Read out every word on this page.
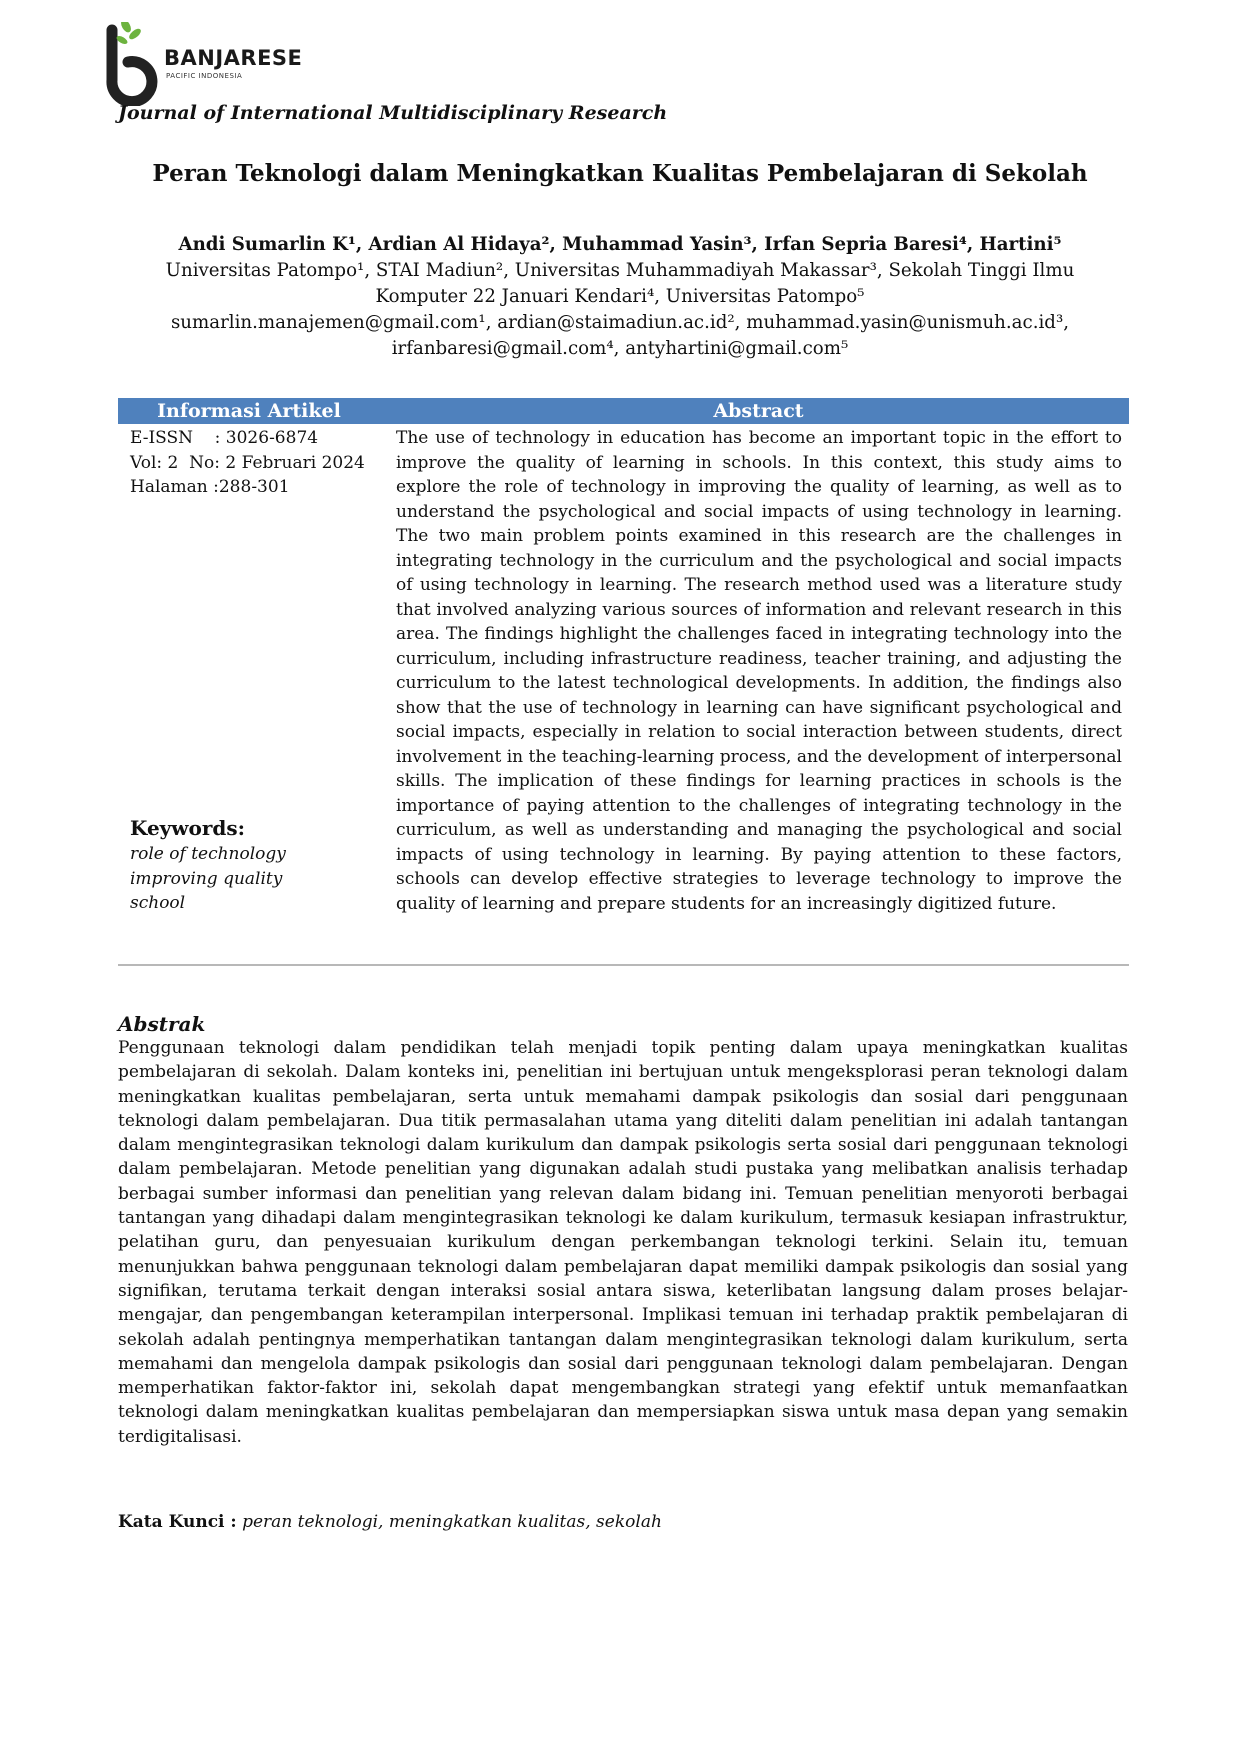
BANJARESE
PACIFIC INDONESIA
Journal of International Multidisciplinary Research
Peran Teknologi dalam Meningkatkan Kualitas Pembelajaran di Sekolah
Andi Sumarlin K¹, Ardian Al Hidaya², Muhammad Yasin³, Irfan Sepria Baresi⁴, Hartini⁵
Universitas Patompo¹, STAI Madiun², Universitas Muhammadiyah Makassar³, Sekolah Tinggi Ilmu
Komputer 22 Januari Kendari⁴, Universitas Patompo⁵
sumarlin.manajemen@gmail.com¹, ardian@staimadiun.ac.id², muhammad.yasin@unismuh.ac.id³,
irfanbaresi@gmail.com⁴, antyhartini@gmail.com⁵
Informasi Artikel	Abstract
E-ISSN    : 3026-6874
Vol: 2  No: 2 Februari 2024
Halaman :288-301
The use of technology in education has become an important topic in the effort to improve the quality of learning in schools. In this context, this study aims to explore the role of technology in improving the quality of learning, as well as to understand the psychological and social impacts of using technology in learning. The two main problem points examined in this research are the challenges in integrating technology in the curriculum and the psychological and social impacts of using technology in learning. The research method used was a literature study that involved analyzing various sources of information and relevant research in this area. The findings highlight the challenges faced in integrating technology into the curriculum, including infrastructure readiness, teacher training, and adjusting the curriculum to the latest technological developments. In addition, the findings also show that the use of technology in learning can have significant psychological and social impacts, especially in relation to social interaction between students, direct involvement in the teaching-learning process, and the development of interpersonal skills. The implication of these findings for learning practices in schools is the importance of paying attention to the challenges of integrating technology in the curriculum, as well as understanding and managing the psychological and social impacts of using technology in learning. By paying attention to these factors, schools can develop effective strategies to leverage technology to improve the quality of learning and prepare students for an increasingly digitized future.
Keywords:
role of technology
improving quality
school
Abstrak
Penggunaan teknologi dalam pendidikan telah menjadi topik penting dalam upaya meningkatkan kualitas pembelajaran di sekolah. Dalam konteks ini, penelitian ini bertujuan untuk mengeksplorasi peran teknologi dalam meningkatkan kualitas pembelajaran, serta untuk memahami dampak psikologis dan sosial dari penggunaan teknologi dalam pembelajaran. Dua titik permasalahan utama yang diteliti dalam penelitian ini adalah tantangan dalam mengintegrasikan teknologi dalam kurikulum dan dampak psikologis serta sosial dari penggunaan teknologi dalam pembelajaran. Metode penelitian yang digunakan adalah studi pustaka yang melibatkan analisis terhadap berbagai sumber informasi dan penelitian yang relevan dalam bidang ini. Temuan penelitian menyoroti berbagai tantangan yang dihadapi dalam mengintegrasikan teknologi ke dalam kurikulum, termasuk kesiapan infrastruktur, pelatihan guru, dan penyesuaian kurikulum dengan perkembangan teknologi terkini. Selain itu, temuan menunjukkan bahwa penggunaan teknologi dalam pembelajaran dapat memiliki dampak psikologis dan sosial yang signifikan, terutama terkait dengan interaksi sosial antara siswa, keterlibatan langsung dalam proses belajar-mengajar, dan pengembangan keterampilan interpersonal. Implikasi temuan ini terhadap praktik pembelajaran di sekolah adalah pentingnya memperhatikan tantangan dalam mengintegrasikan teknologi dalam kurikulum, serta memahami dan mengelola dampak psikologis dan sosial dari penggunaan teknologi dalam pembelajaran. Dengan memperhatikan faktor-faktor ini, sekolah dapat mengembangkan strategi yang efektif untuk memanfaatkan teknologi dalam meningkatkan kualitas pembelajaran dan mempersiapkan siswa untuk masa depan yang semakin terdigitalisasi.
Kata Kunci : peran teknologi, meningkatkan kualitas, sekolah
